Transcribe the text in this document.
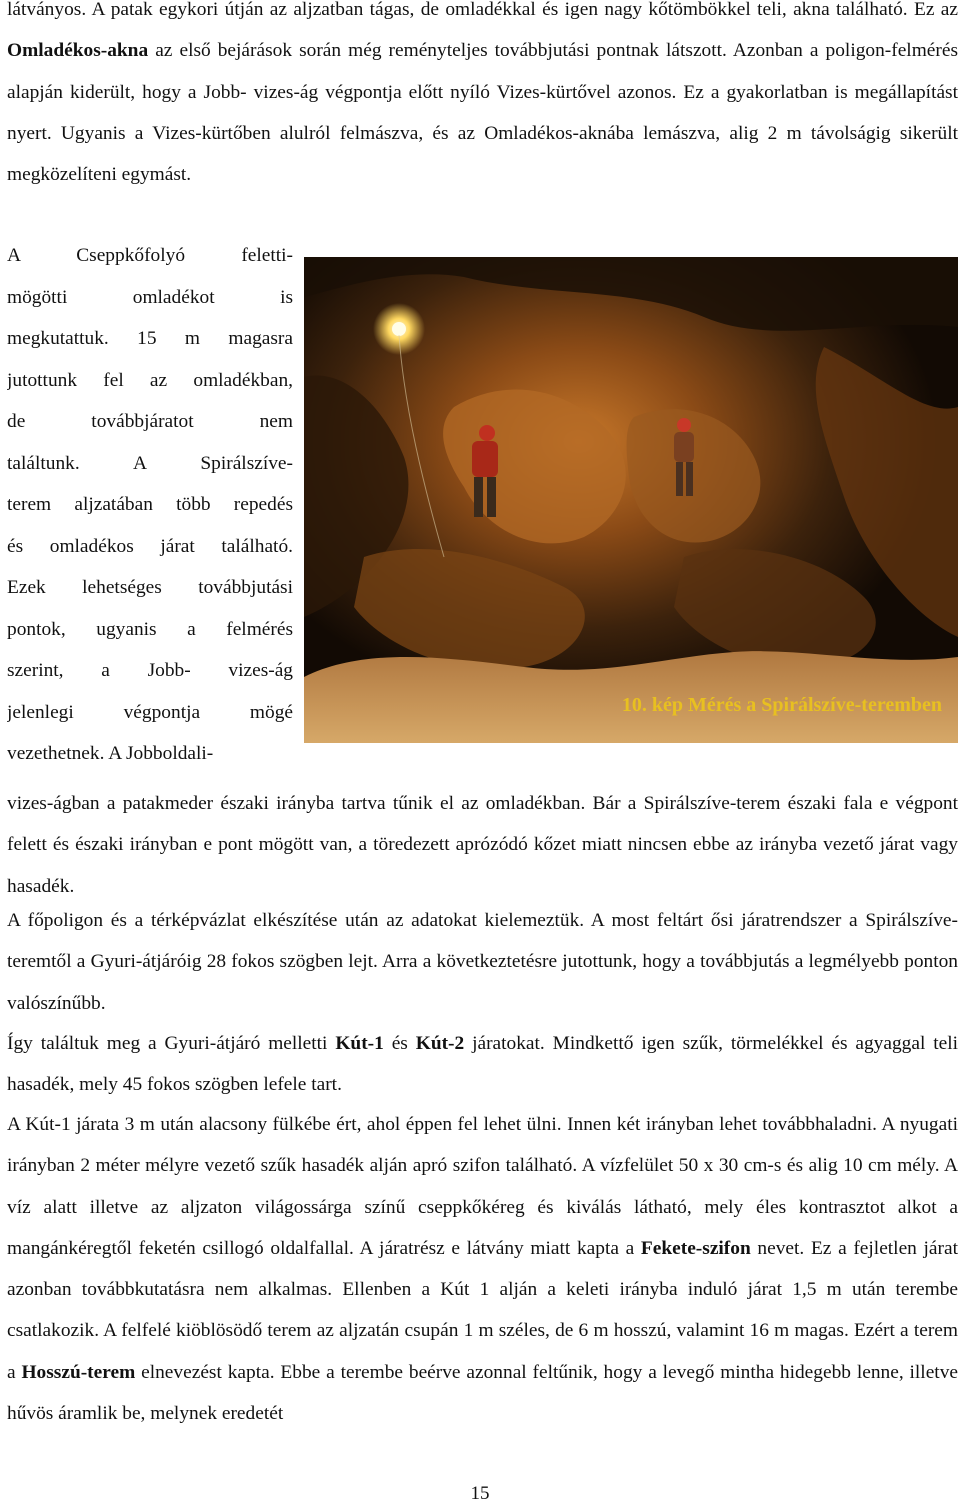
látványos. A patak egykori útján az aljzatban tágas, de omladékkal és igen nagy kőtömbökkel teli, akna található. Ez az Omladékos-akna az első bejárások során még reményteljes továbbjutási pontnak látszott. Azonban a poligon-felmérés alapján kiderült, hogy a Jobb- vizes-ág végpontja előtt nyíló Vizes-kürtővel azonos. Ez a gyakorlatban is megállapítást nyert. Ugyanis a Vizes-kürtőben alulról felmászva, és az Omladékos-aknába lemászva, alig 2 m távolságig sikerült megközelíteni egymást.

A Cseppkőfolyó feletti-
mögötti omladékot is
megkutattuk. 15 m magasra
jutottunk fel az omladékban,
de továbbjáratot nem
találtunk. A Spirálszíve-
terem aljzatában több repedés
és omladékos járat található.
Ezek lehetséges továbbjutási
pontok, ugyanis a felmérés
szerint, a Jobb- vizes-ág
jelenlegi végpontja mögé
vezethetnek. A Jobboldali-
10. kép Mérés a Spirálszíve-teremben

vizes-ágban a patakmeder északi irányba tartva tűnik el az omladékban. Bár a Spirálszíve-terem északi fala e végpont felett és északi irányban e pont mögött van, a töredezett aprózódó kőzet miatt nincsen ebbe az irányba vezető járat vagy hasadék.

A főpoligon és a térképvázlat elkészítése után az adatokat kielemeztük. A most feltárt ősi járatrendszer a Spirálszíve-teremtől a Gyuri-átjáróig 28 fokos szögben lejt. Arra a következtetésre jutottunk, hogy a továbbjutás a legmélyebb ponton valószínűbb.

Így találtuk meg a Gyuri-átjáró melletti Kút-1 és Kút-2 járatokat. Mindkettő igen szűk, törmelékkel és agyaggal teli hasadék, mely 45 fokos szögben lefele tart.

A Kút-1 járata 3 m után alacsony fülkébe ért, ahol éppen fel lehet ülni. Innen két irányban lehet továbbhaladni. A nyugati irányban 2 méter mélyre vezető szűk hasadék alján apró szifon található. A vízfelület 50 x 30 cm-s és alig 10 cm mély. A víz alatt illetve az aljzaton világossárga színű cseppkőkéreg és kiválás látható, mely éles kontrasztot alkot a mangánkéregtől feketén csillogó oldalfallal. A járatrész e látvány miatt kapta a Fekete-szifon nevet. Ez a fejletlen járat azonban továbbkutatásra nem alkalmas. Ellenben a Kút 1 alján a keleti irányba induló járat 1,5 m után terembe csatlakozik. A felfelé kiöblösödő terem az aljzatán csupán 1 m széles, de 6 m hosszú, valamint 16 m magas. Ezért a terem a Hosszú-terem elnevezést kapta. Ebbe a terembe beérve azonnal feltűnik, hogy a levegő mintha hidegebb lenne, illetve hűvös áramlik be, melynek eredetét

15
